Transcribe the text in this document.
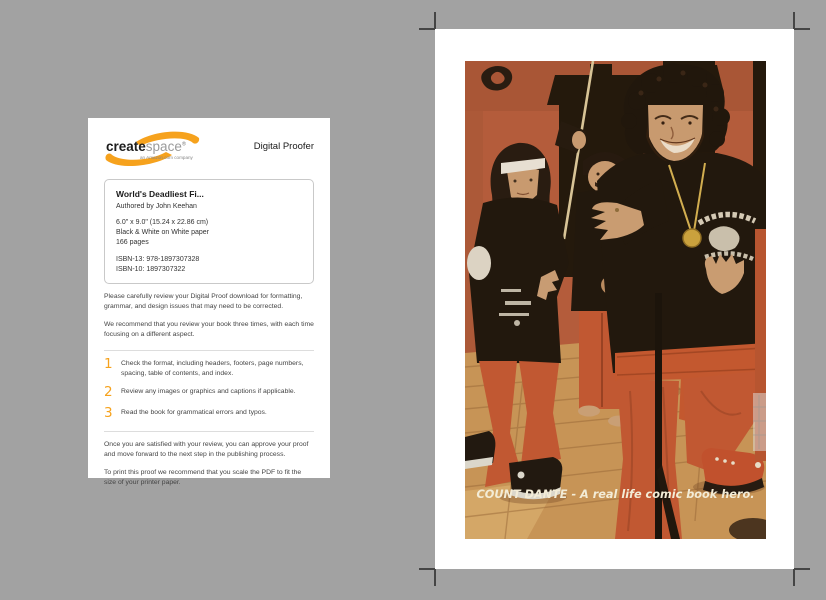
createspace®
an Amazon.com company
Digital Proofer
World's Deadliest Fi...
Authored by John Keehan
6.0" x 9.0" (15.24 x 22.86 cm)
Black & White on White paper
166 pages
ISBN-13: 978-1897307328
ISBN-10: 1897307322

Please carefully review your Digital Proof download for formatting, grammar, and design issues that may need to be corrected.

We recommend that you review your book three times, with each time focusing on a different aspect.

1 Check the format, including headers, footers, page numbers, spacing, table of contents, and index.
2 Review any images or graphics and captions if applicable.
3 Read the book for grammatical errors and typos.

Once you are satisfied with your review, you can approve your proof and move forward to the next step in the publishing process.

To print this proof we recommend that you scale the PDF to fit the size of your printer paper.

COUNT DANTE - A real life comic book hero.
